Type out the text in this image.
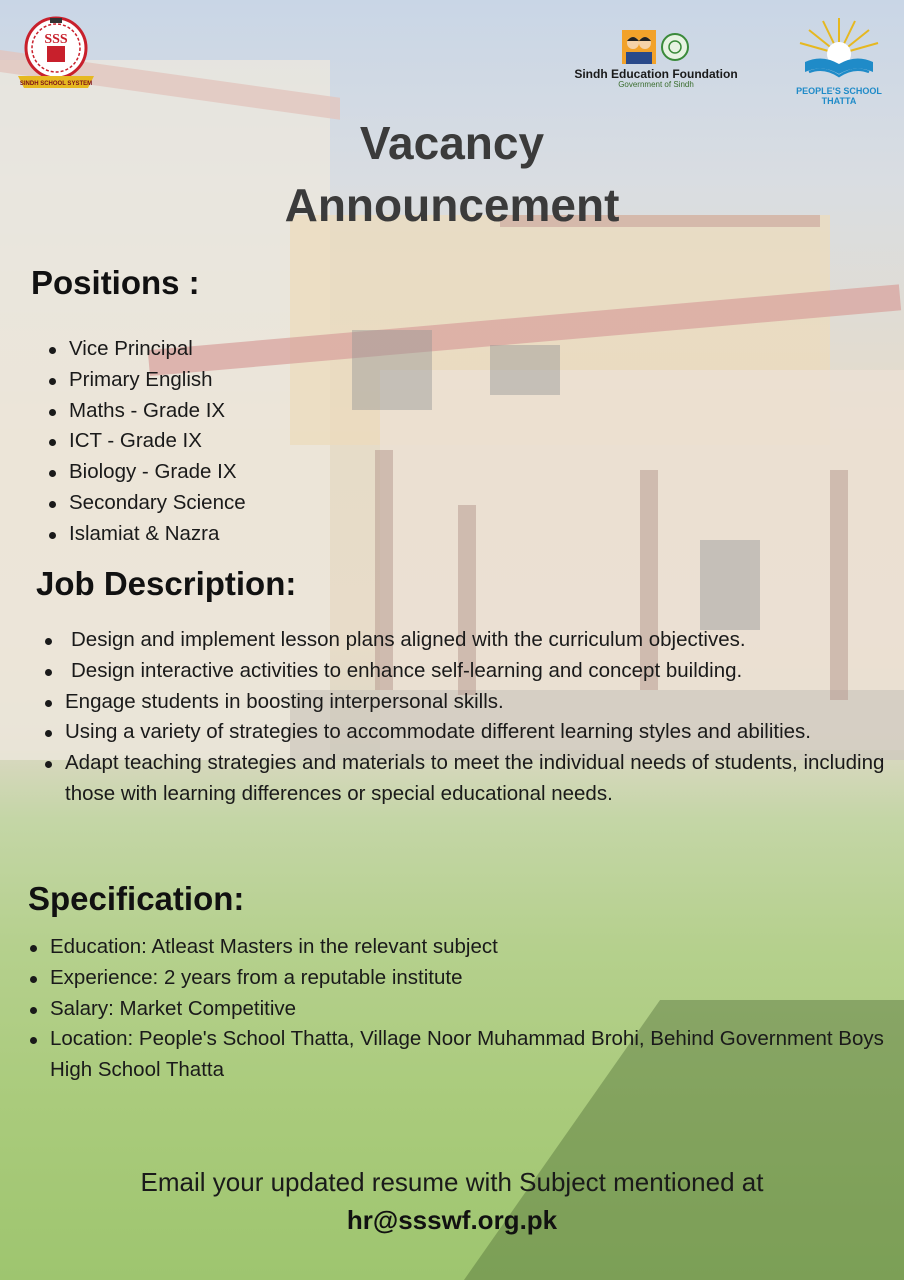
SSS
SINDH SCHOOL SYSTEM
Sindh Education Foundation
Government of Sindh
PEOPLE'S SCHOOL THATTA
Vacancy
Announcement
Positions :
Vice Principal
Primary English
Maths - Grade IX
ICT - Grade IX
Biology - Grade IX
Secondary Science
Islamiat & Nazra
Job Description:
Design and implement lesson plans aligned with the curriculum objectives.
Design interactive activities to enhance self-learning and concept building.
Engage students in boosting interpersonal skills.
Using a variety of strategies to accommodate different learning styles and abilities.
Adapt teaching strategies and materials to meet the individual needs of students, including those with learning differences or special educational needs.
Specification:
Education: Atleast Masters in the relevant subject
Experience: 2 years from a reputable institute
Salary: Market Competitive
Location: People's School Thatta, Village Noor Muhammad Brohi, Behind Government Boys High School Thatta
Email your updated resume with Subject mentioned at
hr@ssswf.org.pk
